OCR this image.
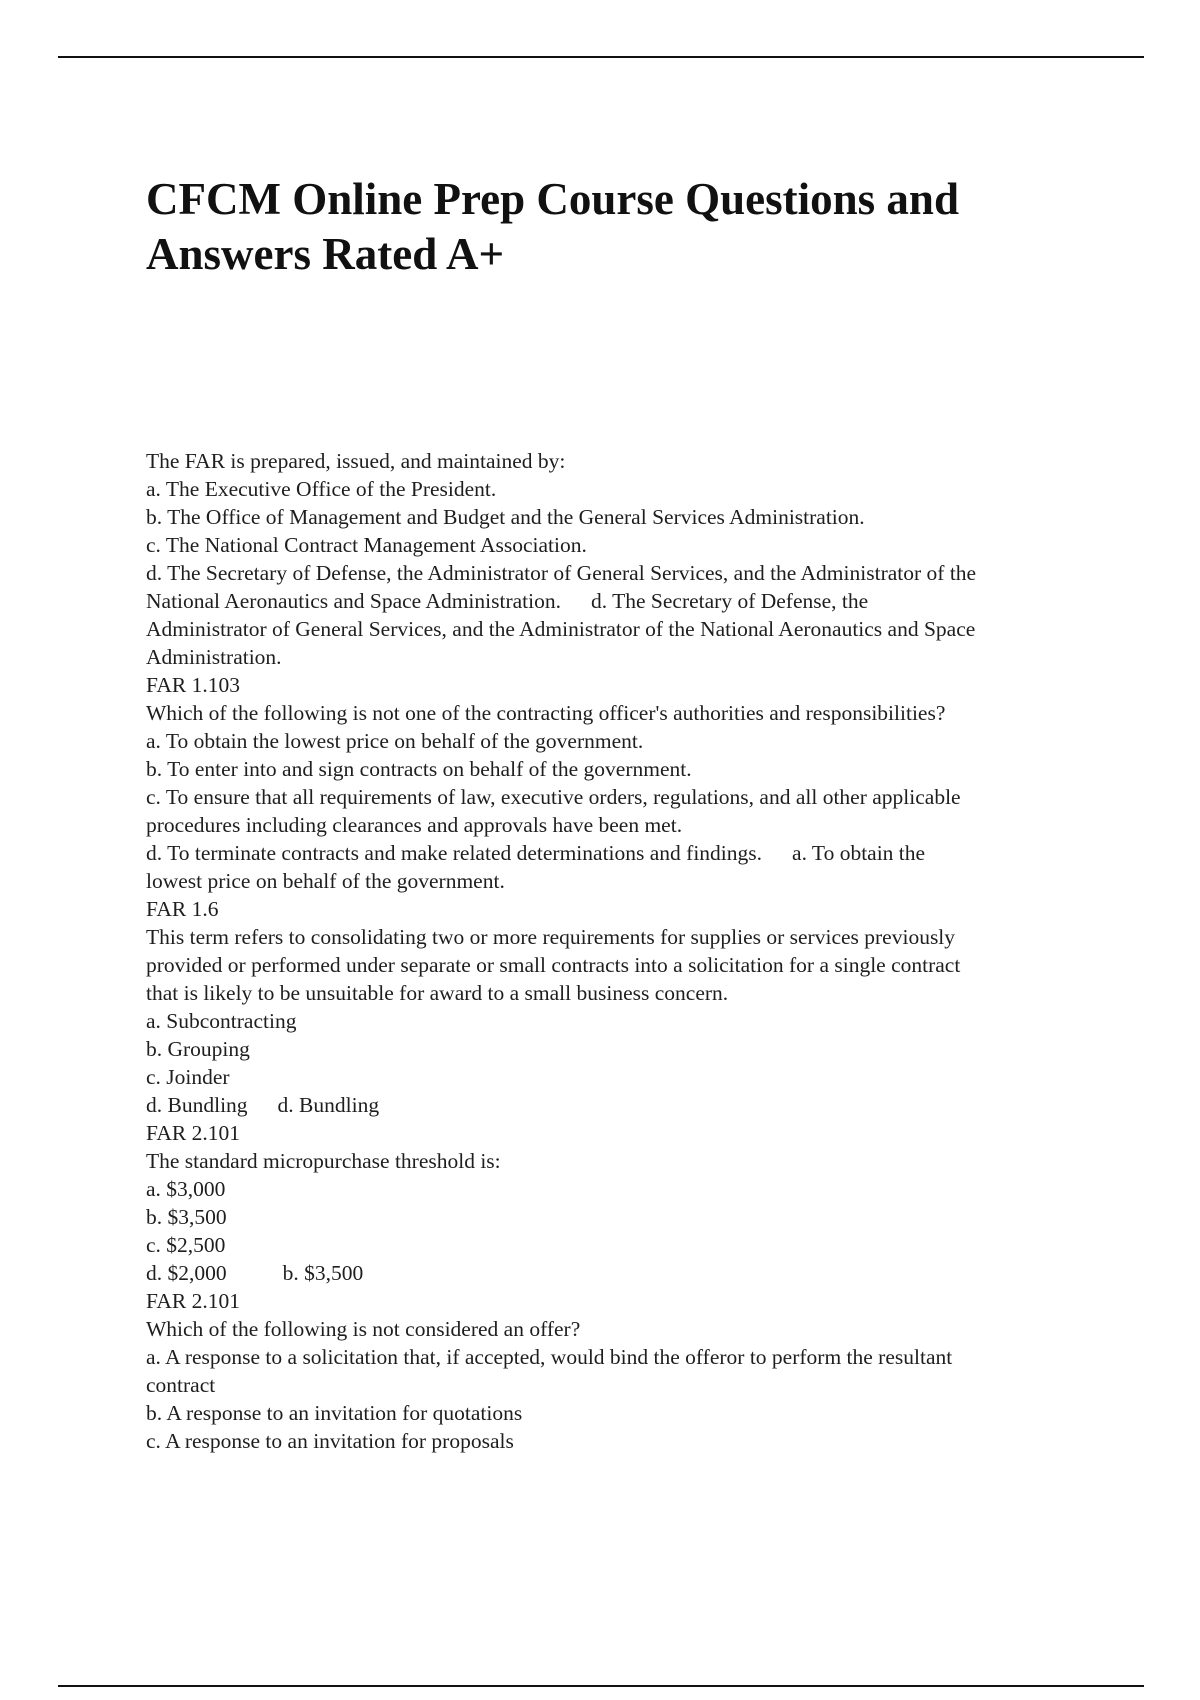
CFCM Online Prep Course Questions and
Answers Rated A+
The FAR is prepared, issued, and maintained by:
a. The Executive Office of the President.
b. The Office of Management and Budget and the General Services Administration.
c. The National Contract Management Association.
d. The Secretary of Defense, the Administrator of General Services, and the Administrator of the
National Aeronautics and Space Administration. d. The Secretary of Defense, the
Administrator of General Services, and the Administrator of the National Aeronautics and Space
Administration.
FAR 1.103
Which of the following is not one of the contracting officer's authorities and responsibilities?
a. To obtain the lowest price on behalf of the government.
b. To enter into and sign contracts on behalf of the government.
c. To ensure that all requirements of law, executive orders, regulations, and all other applicable
procedures including clearances and approvals have been met.
d. To terminate contracts and make related determinations and findings. a. To obtain the
lowest price on behalf of the government.
FAR 1.6
This term refers to consolidating two or more requirements for supplies or services previously
provided or performed under separate or small contracts into a solicitation for a single contract
that is likely to be unsuitable for award to a small business concern.
a. Subcontracting
b. Grouping
c. Joinder
d. Bundling d. Bundling
FAR 2.101
The standard micropurchase threshold is:
a. $3,000
b. $3,500
c. $2,500
d. $2,000	b. $3,500
FAR 2.101
Which of the following is not considered an offer?
a. A response to a solicitation that, if accepted, would bind the offeror to perform the resultant
contract
b. A response to an invitation for quotations
c. A response to an invitation for proposals
